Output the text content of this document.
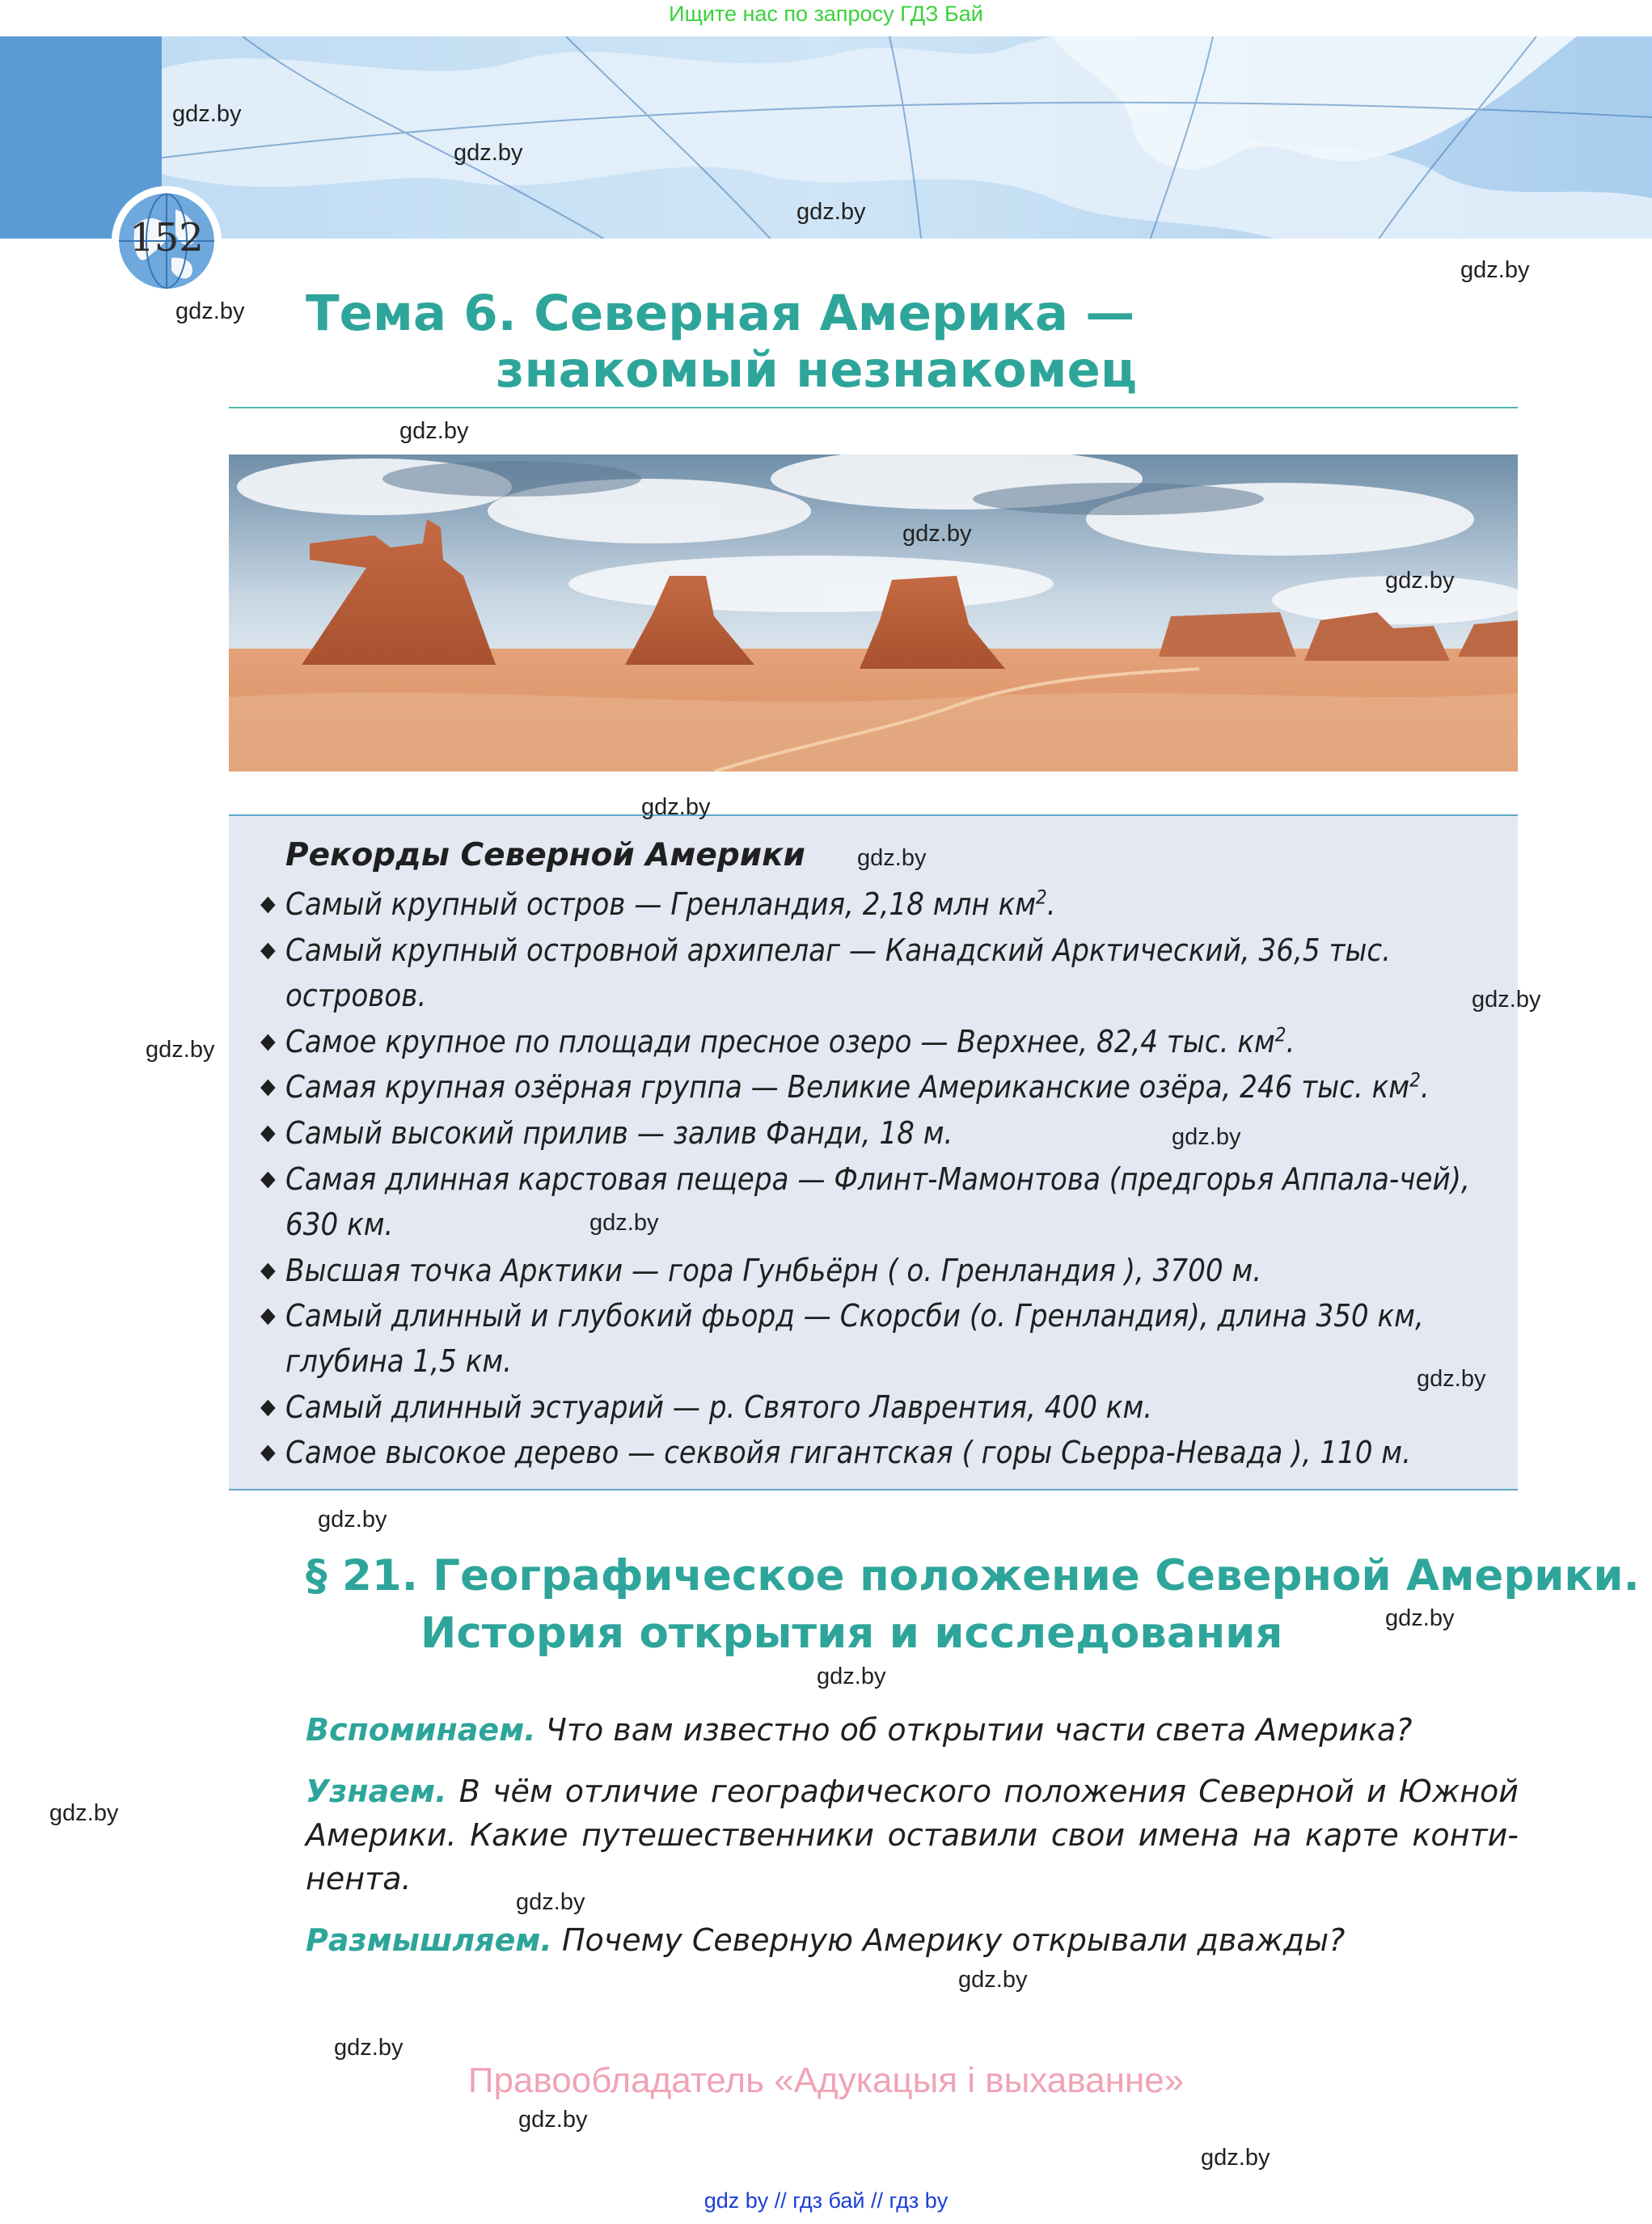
Ищите нас по запросу ГДЗ Бай
152
Тема 6. Северная Америка —
знакомый незнакомец
Рекорды Северной Америки
◆ Самый крупный остров — Гренландия, 2,18 млн $км^2$.
◆ Самый крупный островной архипелаг — Канадский Арктический, 36,5 тыс. островов.
◆ Самое крупное по площади пресное озеро — Верхнее, 82,4 тыс. $км^2$.
◆ Самая крупная озёрная группа — Великие Американские озёра, 246 тыс. $км^2$.
◆ Самый высокий прилив — залив Фанди, 18 м.
◆ Самая длинная карстовая пещера — Флинт-Мамонтова (предгорья Аппала-чей), 630 км.
◆ Высшая точка Арктики — гора Гунбьёрн ( о. Гренландия ), 3700 м.
◆ Самый длинный и глубокий фьорд — Скорсби (о. Гренландия), длина 350 км, глубина 1,5 км.
◆ Самый длинный эстуарий — р. Святого Лаврентия, 400 км.
◆ Самое высокое дерево — секвойя гигантская ( горы Сьерра-Невада ), 110 м.
§ 21. Географическое положение Северной Америки.
История открытия и исследования
Вспоминаем. Что вам известно об открытии части света Америка?
Узнаем. В чём отличие географического положения Северной и Южной Америки. Какие путешественники оставили свои имена на карте конти-нента.
Размышляем. Почему Северную Америку открывали дважды?
Правообладатель «Адукацыя і выхаванне»
gdz by // гдз бай // гдз by
gdz.by
gdz.by
gdz.by
gdz.by
gdz.by
gdz.by
gdz.by
gdz.by
gdz.by
gdz.by
gdz.by
gdz.by
gdz.by
gdz.by
gdz.by
gdz.by
gdz.by
gdz.by
gdz.by
gdz.by
gdz.by
gdz.by
gdz.by
gdz.by
